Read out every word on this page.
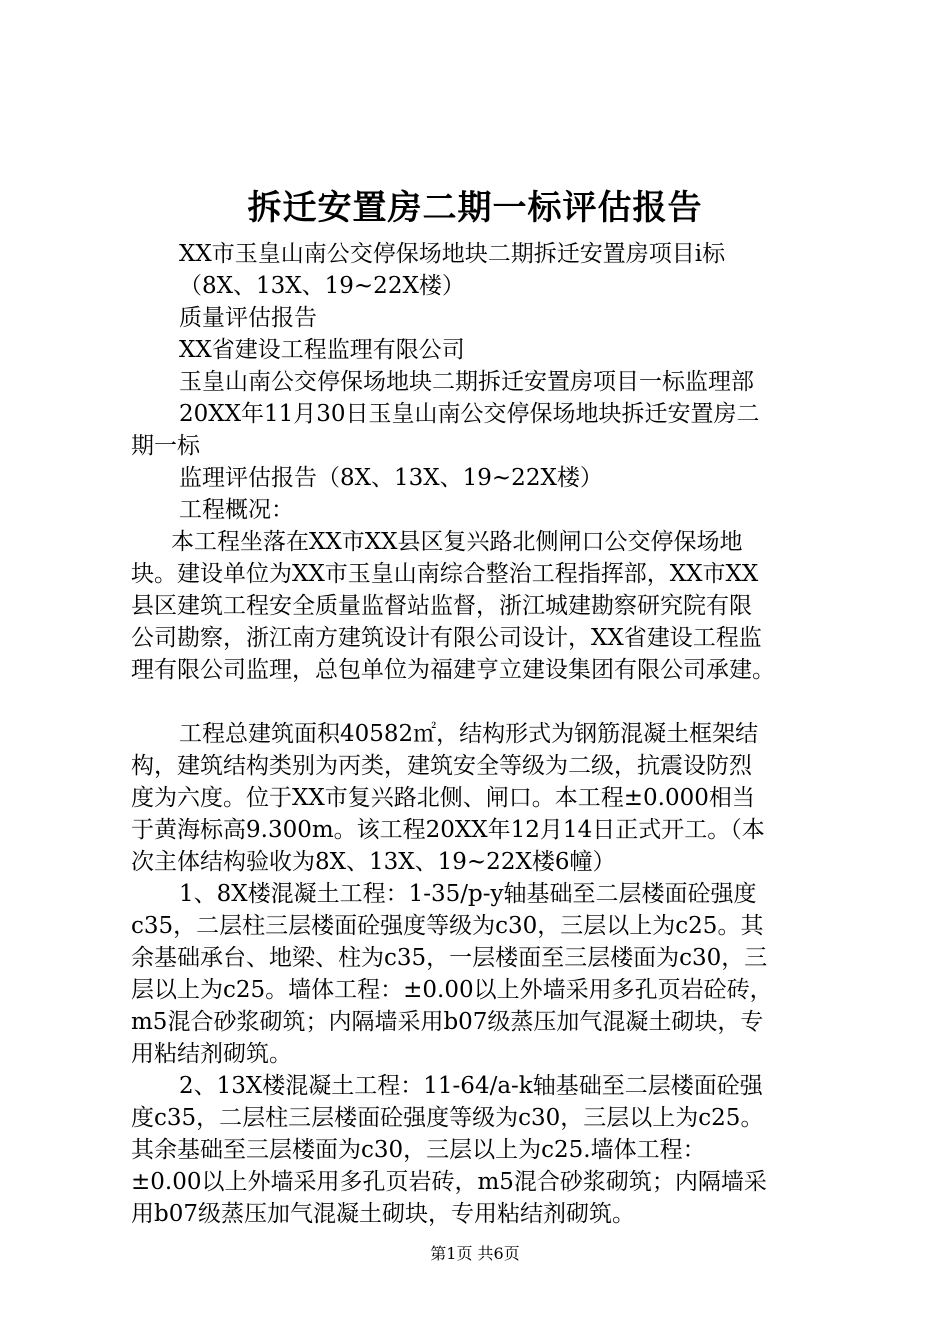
拆迁安置房二期一标评估报告
XX市玉皇山南公交停保场地块二期拆迁安置房项目i标
（8X、13X、19~22X楼）
质量评估报告
XX省建设工程监理有限公司
玉皇山南公交停保场地块二期拆迁安置房项目一标监理部
20XX年11月30日玉皇山南公交停保场地块拆迁安置房二
期一标
监理评估报告（8X、13X、19~22X楼）
工程概况：
本工程坐落在XX市XX县区复兴路北侧闸口公交停保场地
块。建设单位为XX市玉皇山南综合整治工程指挥部，XX市XX
县区建筑工程安全质量监督站监督，浙江城建勘察研究院有限
公司勘察，浙江南方建筑设计有限公司设计，XX省建设工程监
理有限公司监理，总包单位为福建亨立建设集团有限公司承建。
工程总建筑面积40582㎡，结构形式为钢筋混凝土框架结
构，建筑结构类别为丙类，建筑安全等级为二级，抗震设防烈
度为六度。位于XX市复兴路北侧、闸口。本工程±0.000相当
于黄海标高9.300m。该工程20XX年12月14日正式开工。（本
次主体结构验收为8X、13X、19~22X楼6幢）
1、8X楼混凝土工程：1-35/p-y轴基础至二层楼面砼强度
c35，二层柱三层楼面砼强度等级为c30，三层以上为c25。其
余基础承台、地梁、柱为c35，一层楼面至三层楼面为c30，三
层以上为c25。墙体工程：±0.00以上外墙采用多孔页岩砼砖，
m5混合砂浆砌筑；内隔墙采用b07级蒸压加气混凝土砌块，专
用粘结剂砌筑。
2、13X楼混凝土工程：11-64/a-k轴基础至二层楼面砼强
度c35，二层柱三层楼面砼强度等级为c30，三层以上为c25。
其余基础至三层楼面为c30，三层以上为c25.墙体工程：
±0.00以上外墙采用多孔页岩砖，m5混合砂浆砌筑；内隔墙采
用b07级蒸压加气混凝土砌块，专用粘结剂砌筑。
第1页 共6页
